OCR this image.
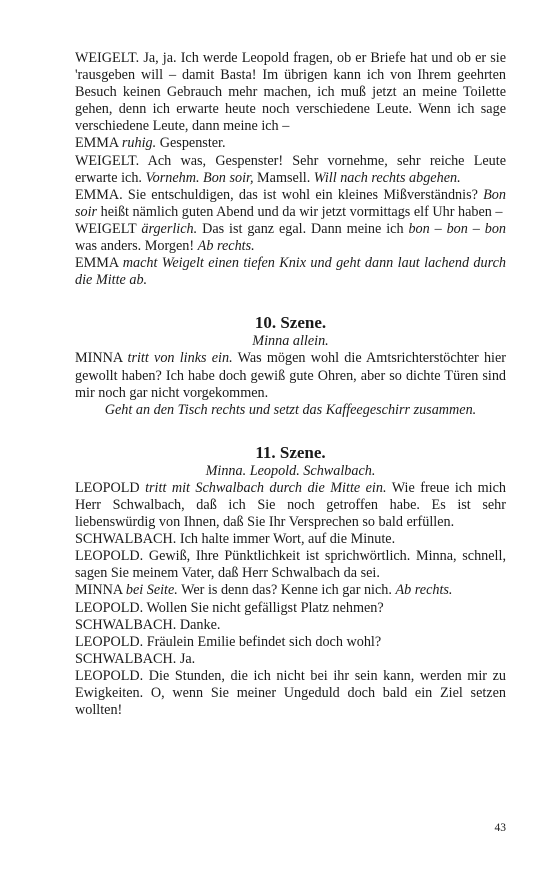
WEIGELT. Ja, ja. Ich werde Leopold fragen, ob er Briefe hat und ob er sie 'rausgeben will – damit Basta! Im übrigen kann ich von Ihrem geehrten Besuch keinen Gebrauch mehr machen, ich muß jetzt an meine Toilette gehen, denn ich erwarte heute noch verschiedene Leute. Wenn ich sage verschiedene Leute, dann meine ich –

EMMA ruhig. Gespenster.

WEIGELT. Ach was, Gespenster! Sehr vornehme, sehr reiche Leute erwarte ich. Vornehm. Bon soir, Mamsell. Will nach rechts abgehen.

EMMA. Sie entschuldigen, das ist wohl ein kleines Mißverständnis? Bon soir heißt nämlich guten Abend und da wir jetzt vormittags elf Uhr haben –

WEIGELT ärgerlich. Das ist ganz egal. Dann meine ich bon – bon – bon was anders. Morgen! Ab rechts.

EMMA macht Weigelt einen tiefen Knix und geht dann laut lachend durch die Mitte ab.

10. Szene.

Minna allein.

MINNA tritt von links ein. Was mögen wohl die Amtsrichterstöchter hier gewollt haben? Ich habe doch gewiß gute Ohren, aber so dichte Türen sind mir noch gar nicht vorgekommen.

Geht an den Tisch rechts und setzt das Kaffeegeschirr zusammen.

11. Szene.

Minna. Leopold. Schwalbach.

LEOPOLD tritt mit Schwalbach durch die Mitte ein. Wie freue ich mich Herr Schwalbach, daß ich Sie noch getroffen habe. Es ist sehr liebenswürdig von Ihnen, daß Sie Ihr Versprechen so bald erfüllen.

SCHWALBACH. Ich halte immer Wort, auf die Minute.

LEOPOLD. Gewiß, Ihre Pünktlichkeit ist sprichwörtlich. Minna, schnell, sagen Sie meinem Vater, daß Herr Schwalbach da sei.

MINNA bei Seite. Wer is denn das? Kenne ich gar nich. Ab rechts.

LEOPOLD. Wollen Sie nicht gefälligst Platz nehmen?

SCHWALBACH. Danke.

LEOPOLD. Fräulein Emilie befindet sich doch wohl?

SCHWALBACH. Ja.

LEOPOLD. Die Stunden, die ich nicht bei ihr sein kann, werden mir zu Ewigkeiten. O, wenn Sie meiner Ungeduld doch bald ein Ziel setzen wollten!

43
